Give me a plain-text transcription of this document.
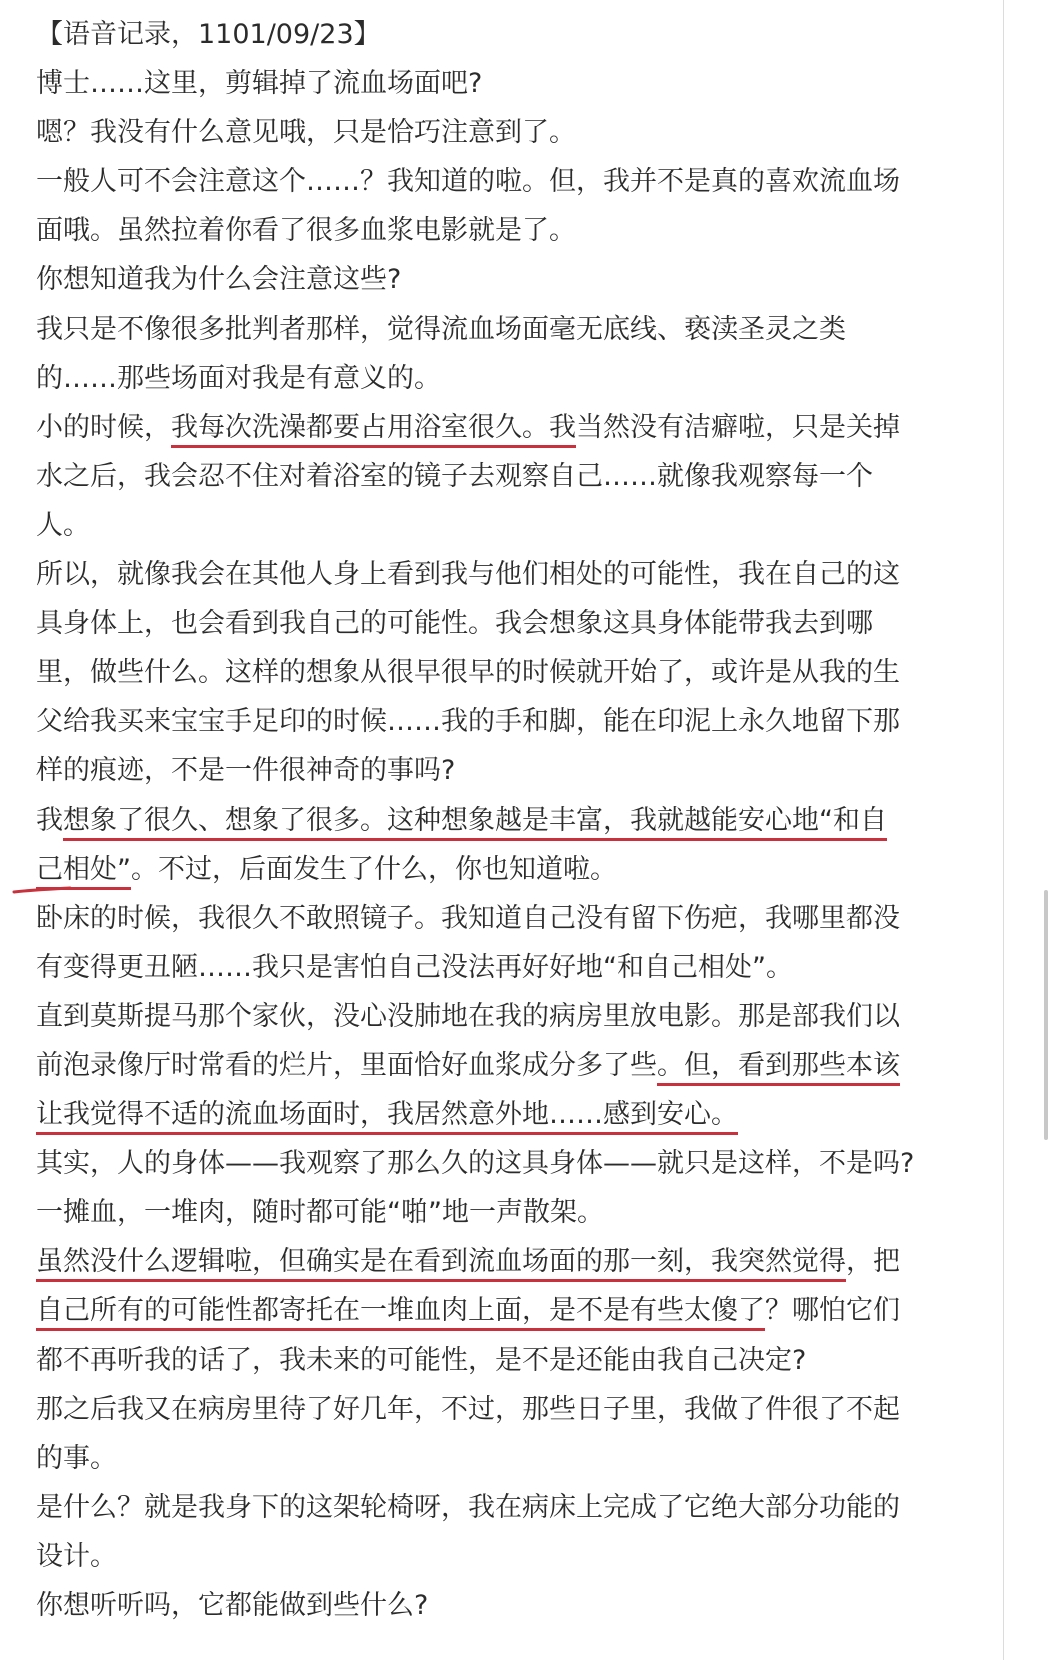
【语音记录，1101/09/23】
博士……这里，剪辑掉了流血场面吧?
嗯？我没有什么意见哦，只是恰巧注意到了。
一般人可不会注意这个……？我知道的啦。但，我并不是真的喜欢流血场
面哦。虽然拉着你看了很多血浆电影就是了。
你想知道我为什么会注意这些?
我只是不像很多批判者那样，觉得流血场面毫无底线、亵渎圣灵之类
的……那些场面对我是有意义的。
小的时候，我每次洗澡都要占用浴室很久。我当然没有洁癖啦，只是关掉
水之后，我会忍不住对着浴室的镜子去观察自己……就像我观察每一个
人。
所以，就像我会在其他人身上看到我与他们相处的可能性，我在自己的这
具身体上，也会看到我自己的可能性。我会想象这具身体能带我去到哪
里，做些什么。这样的想象从很早很早的时候就开始了，或许是从我的生
父给我买来宝宝手足印的时候……我的手和脚，能在印泥上永久地留下那
样的痕迹，不是一件很神奇的事吗?
我想象了很久、想象了很多。这种想象越是丰富，我就越能安心地“和自
己相处”。不过，后面发生了什么，你也知道啦。
卧床的时候，我很久不敢照镜子。我知道自己没有留下伤疤，我哪里都没
有变得更丑陋……我只是害怕自己没法再好好地“和自己相处”。
直到莫斯提马那个家伙，没心没肺地在我的病房里放电影。那是部我们以
前泡录像厅时常看的烂片，里面恰好血浆成分多了些。但，看到那些本该
让我觉得不适的流血场面时，我居然意外地……感到安心。
其实，人的身体——我观察了那么久的这具身体——就只是这样，不是吗?
一摊血，一堆肉，随时都可能“啪”地一声散架。
虽然没什么逻辑啦，但确实是在看到流血场面的那一刻，我突然觉得，把
自己所有的可能性都寄托在一堆血肉上面，是不是有些太傻了？哪怕它们
都不再听我的话了，我未来的可能性，是不是还能由我自己决定?
那之后我又在病房里待了好几年，不过，那些日子里，我做了件很了不起
的事。
是什么？就是我身下的这架轮椅呀，我在病床上完成了它绝大部分功能的
设计。
你想听听吗，它都能做到些什么?
